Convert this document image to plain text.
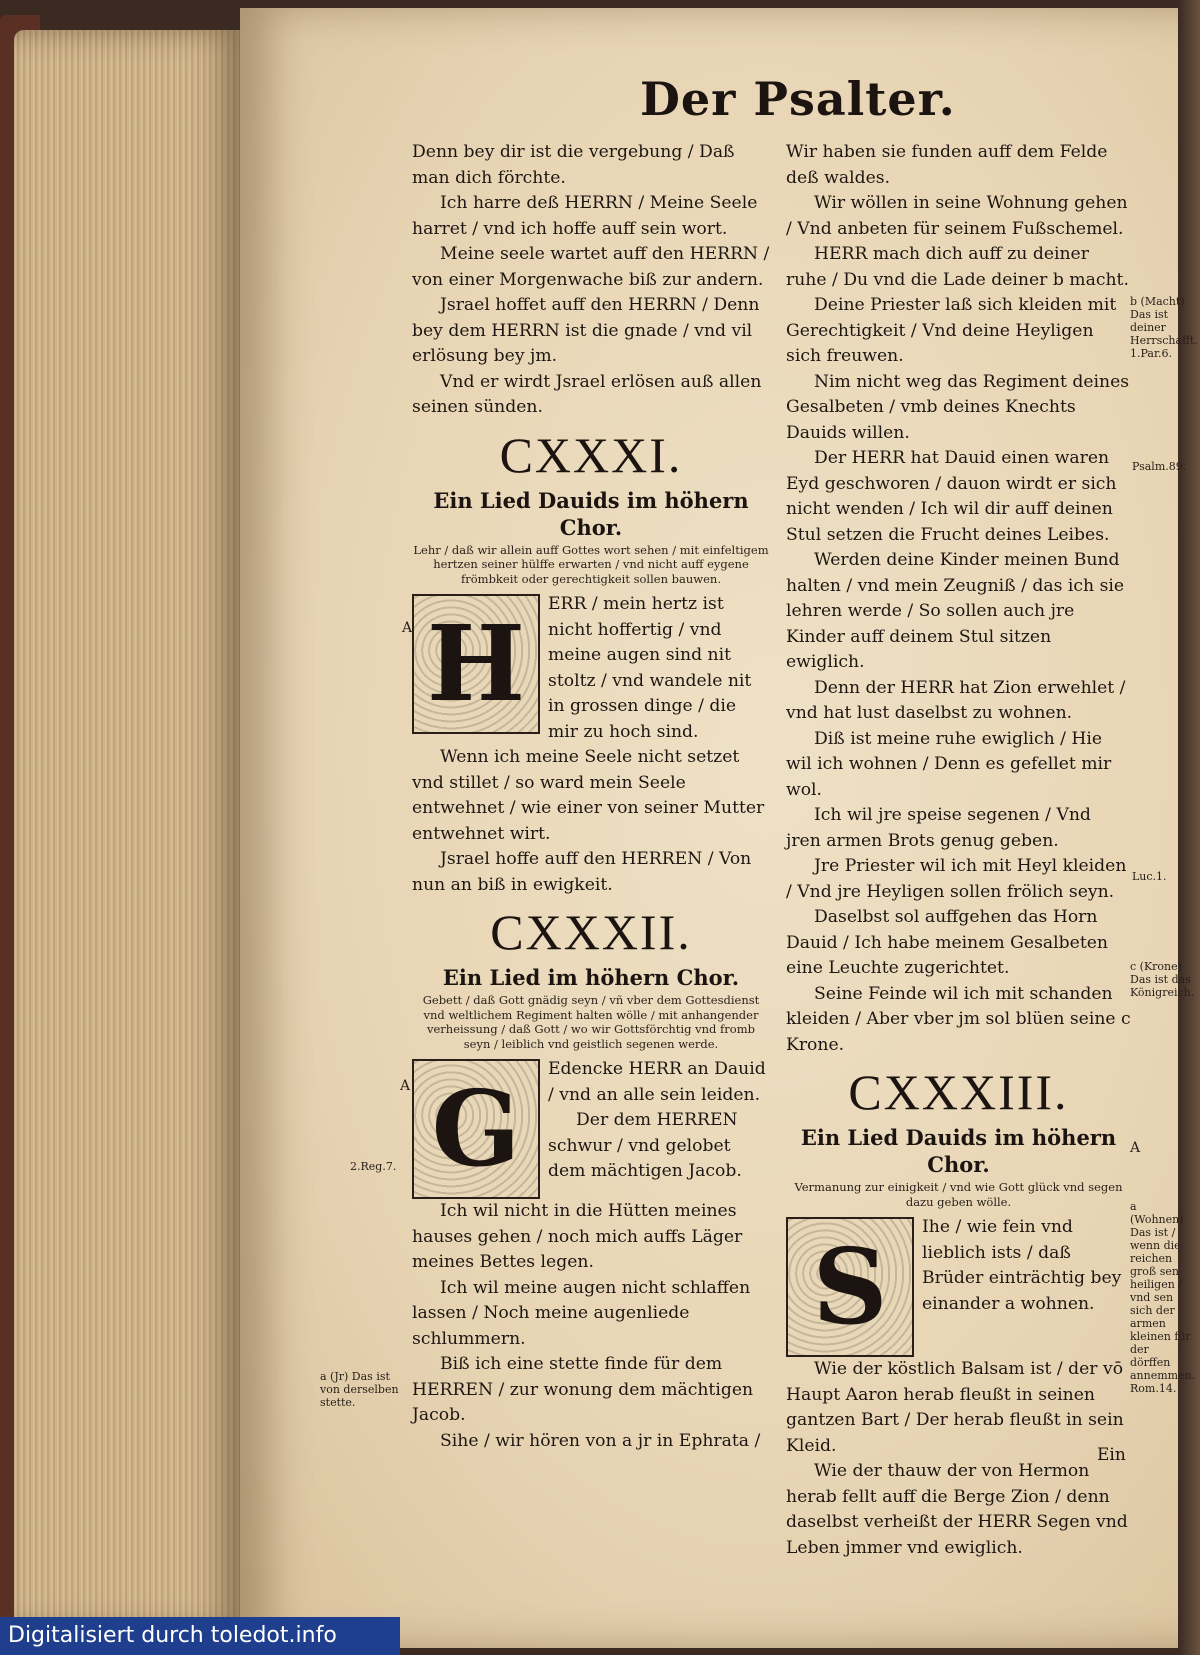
Der Psalter.

Denn bey dir ist die vergebung / Daß man dich förchte.

Ich harre deß HERRN / Meine Seele harret / vnd ich hoffe auff sein wort.

Meine seele wartet auff den HERRN / von einer Morgenwache biß zur andern.

Jsrael hoffet auff den HERRN / Denn bey dem HERRN ist die gnade / vnd vil erlösung bey jm.

Vnd er wirdt Jsrael erlösen auß allen seinen sünden.

CXXXI.
Ein Lied Dauids im höhern Chor.
Lehr / daß wir allein auff Gottes wort sehen / mit einfeltigem hertzen seiner hülffe erwarten / vnd nicht auff eygene frömbkeit oder gerechtigkeit sollen bauwen.
H	ERR / mein hertz ist nicht hoffertig / vnd meine augen sind nit stoltz / vnd wandele nit in grossen dinge / die mir zu hoch sind.

Wenn ich meine Seele nicht setzet vnd stillet / so ward mein Seele entwehnet / wie einer von seiner Mutter entwehnet wirt.

Jsrael hoffe auff den HERREN / Von nun an biß in ewigkeit.

CXXXII.
Ein Lied im höhern Chor.
Gebett / daß Gott gnädig seyn / vñ vber dem Gottesdienst vnd weltlichem Regiment halten wölle / mit anhangender verheissung / daß Gott / wo wir Gottsförchtig vnd fromb seyn / leiblich vnd geistlich segenen werde.
G	Edencke HERR an Dauid / vnd an alle sein leiden.

Der dem HERREN schwur / vnd gelobet dem mächtigen Jacob.

Ich wil nicht in die Hütten meines hauses gehen / noch mich auffs Läger meines Bettes legen.

Ich wil meine augen nicht schlaffen lassen / Noch meine augenliede schlummern.

Biß ich eine stette finde für dem HERREN / zur wonung dem mächtigen Jacob.

Sihe / wir hören von a jr in Ephrata /

Wir haben sie funden auff dem Felde deß waldes.

Wir wöllen in seine Wohnung gehen / Vnd anbeten für seinem Fußschemel.

HERR mach dich auff zu deiner ruhe / Du vnd die Lade deiner b macht.

Deine Priester laß sich kleiden mit Gerechtigkeit / Vnd deine Heyligen sich freuwen.

Nim nicht weg das Regiment deines Gesalbeten / vmb deines Knechts Dauids willen.

Der HERR hat Dauid einen waren Eyd geschworen / dauon wirdt er sich nicht wenden / Ich wil dir auff deinen Stul setzen die Frucht deines Leibes.

Werden deine Kinder meinen Bund halten / vnd mein Zeugniß / das ich sie lehren werde / So sollen auch jre Kinder auff deinem Stul sitzen ewiglich.

Denn der HERR hat Zion erwehlet / vnd hat lust daselbst zu wohnen.

Diß ist meine ruhe ewiglich / Hie wil ich wohnen / Denn es gefellet mir wol.

Ich wil jre speise segenen / Vnd jren armen Brots genug geben.

Jre Priester wil ich mit Heyl kleiden / Vnd jre Heyligen sollen frölich seyn.

Daselbst sol auffgehen das Horn Dauid / Ich habe meinem Gesalbeten eine Leuchte zugerichtet.

Seine Feinde wil ich mit schanden kleiden / Aber vber jm sol blüen seine c Krone.

CXXXIII.
Ein Lied Dauids im höhern Chor.
Vermanung zur einigkeit / vnd wie Gott glück vnd segen dazu geben wölle.
S	Ihe / wie fein vnd lieblich ists / daß Brüder einträchtig bey einander a wohnen.

Wie der köstlich Balsam ist / der vō Haupt Aaron herab fleußt in seinen gantzen Bart / Der herab fleußt in sein Kleid.

Wie der thauw der von Hermon herab fellt auff die Berge Zion / denn daselbst verheißt der HERR Segen vnd Leben jmmer vnd ewiglich.

b (Macht) Das ist deiner Herrschafft. 1.Par.6.
Psalm.89.
Luc.1.
c (Krone) Das ist das Königreich.
2.Reg.7.
a (Jr) Das ist von derselben stette.
a (Wohnen) Das ist / wenn die reichen groß sen heiligen / vnd sen sich der armen kleinen für der dörffen annemmen. Rom.14.
A
A
A
Ein
Digitalisiert durch toledot.info
